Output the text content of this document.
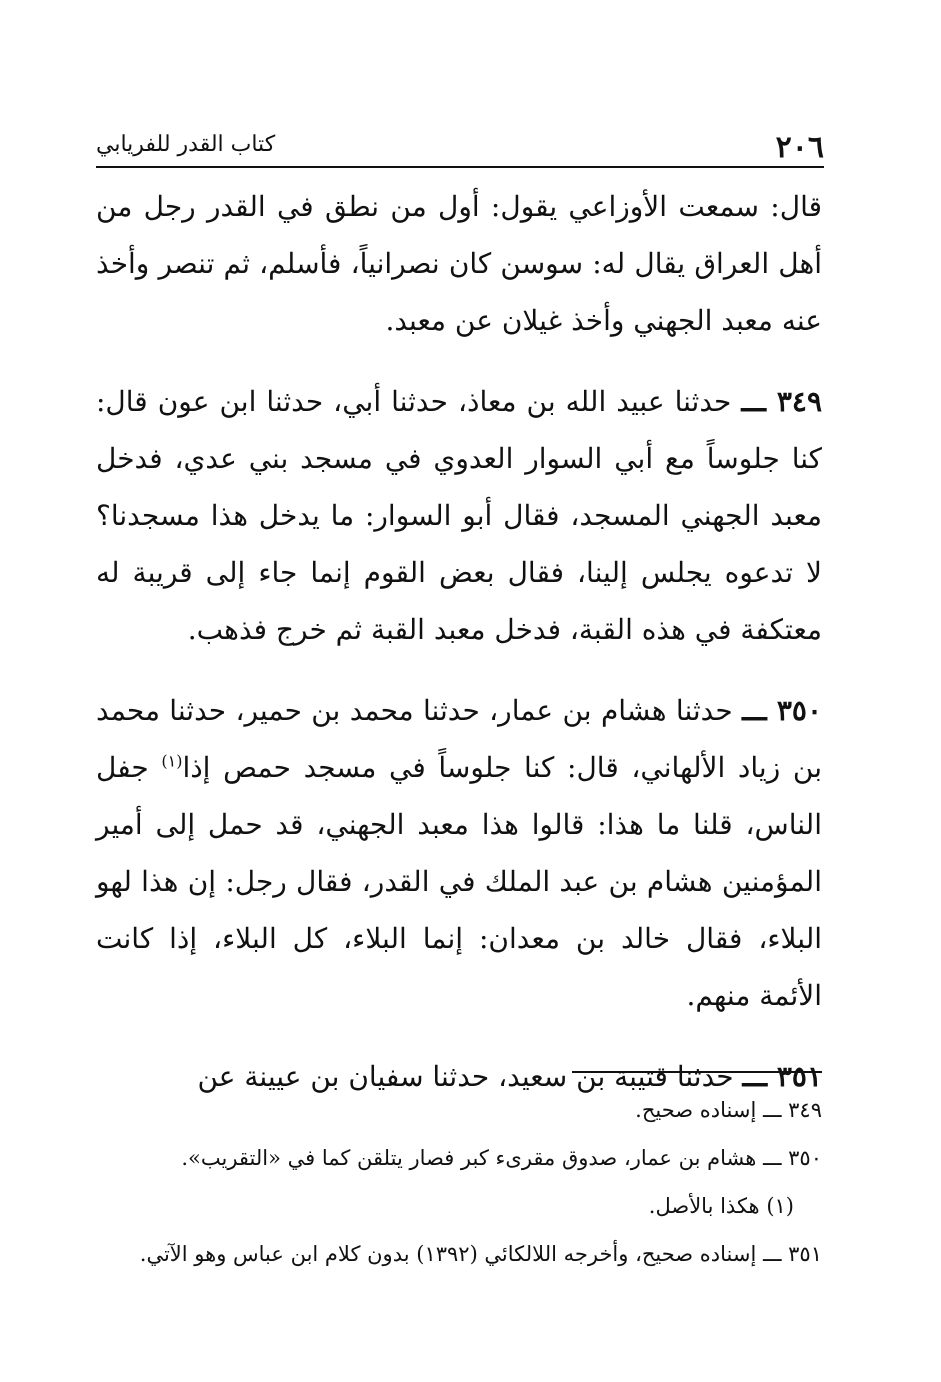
٢٠٦
كتاب القدر للفريابي

قال: سمعت الأوزاعي يقول: أول من نطق في القدر رجل من أهل العراق يقال له: سوسن كان نصرانياً، فأسلم، ثم تنصر وأخذ عنه معبد الجهني وأخذ غيلان عن معبد.

٣٤٩ ـــ حدثنا عبيد الله بن معاذ، حدثنا أبي، حدثنا ابن عون قال: كنا جلوساً مع أبي السوار العدوي في مسجد بني عدي، فدخل معبد الجهني المسجد، فقال أبو السوار: ما يدخل هذا مسجدنا؟ لا تدعوه يجلس إلينا، فقال بعض القوم إنما جاء إلى قريبة له معتكفة في هذه القبة، فدخل معبد القبة ثم خرج فذهب.

٣٥٠ ـــ حدثنا هشام بن عمار، حدثنا محمد بن حمير، حدثنا محمد بن زياد الألهاني، قال: كنا جلوساً في مسجد حمص إذا$^{(١)}$ جفل الناس، قلنا ما هذا: قالوا هذا معبد الجهني، قد حمل إلى أمير المؤمنين هشام بن عبد الملك في القدر، فقال رجل: إن هذا لهو البلاء، فقال خالد بن معدان: إنما البلاء، كل البلاء، إذا كانت الأئمة منهم.

٣٥١ ـــ حدثنا قتيبة بن سعيد، حدثنا سفيان بن عيينة عن

٣٤٩ ـــ إسناده صحيح.

٣٥٠ ـــ هشام بن عمار، صدوق مقرىء كبر فصار يتلقن كما في «التقريب».

(١) هكذا بالأصل.

٣٥١ ـــ إسناده صحيح، وأخرجه اللالكائي (١٣٩٢) بدون كلام ابن عباس وهو الآتي.
